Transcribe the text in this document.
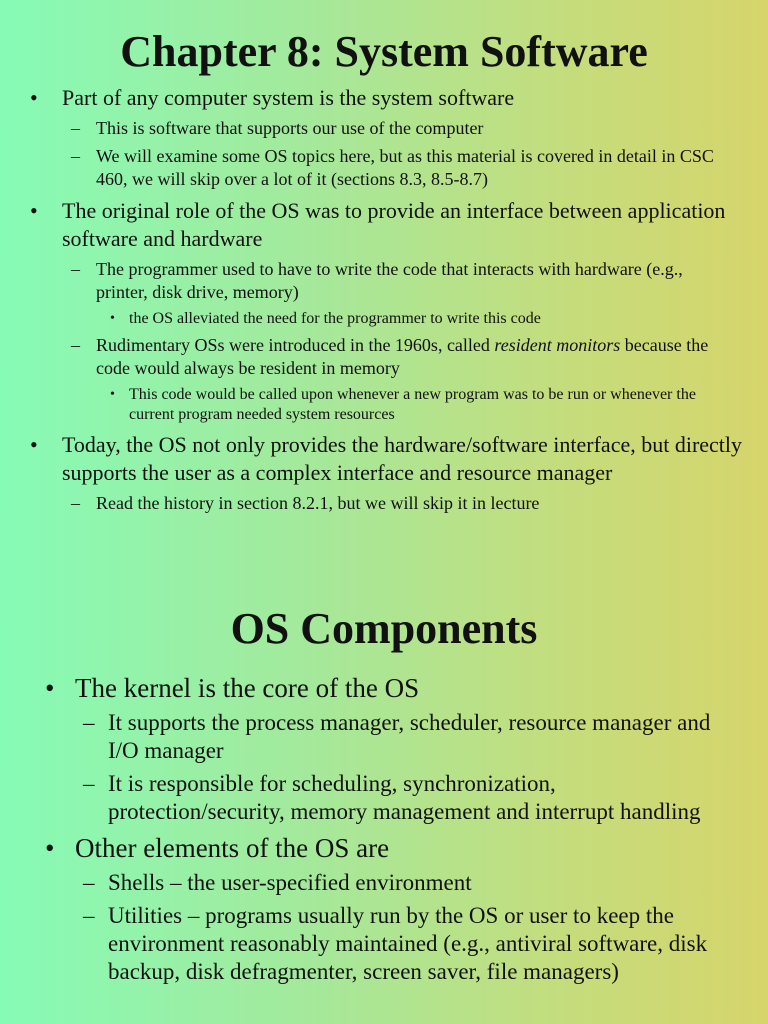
Chapter 8: System Software
• Part of any computer system is the system software
– This is software that supports our use of the computer
– We will examine some OS topics here, but as this material is covered in detail in CSC 460, we will skip over a lot of it (sections 8.3, 8.5-8.7)
• The original role of the OS was to provide an interface between application software and hardware
– The programmer used to have to write the code that interacts with hardware (e.g., printer, disk drive, memory)
• the OS alleviated the need for the programmer to write this code
– Rudimentary OSs were introduced in the 1960s, called resident monitors because the code would always be resident in memory
• This code would be called upon whenever a new program was to be run or whenever the current program needed system resources
• Today, the OS not only provides the hardware/software interface, but directly supports the user as a complex interface and resource manager
– Read the history in section 8.2.1, but we will skip it in lecture
OS Components
• The kernel is the core of the OS
– It supports the process manager, scheduler, resource manager and I/O manager
– It is responsible for scheduling, synchronization, protection/security, memory management and interrupt handling
• Other elements of the OS are
– Shells – the user-specified environment
– Utilities – programs usually run by the OS or user to keep the environment reasonably maintained (e.g., antiviral software, disk backup, disk defragmenter, screen saver, file managers)
